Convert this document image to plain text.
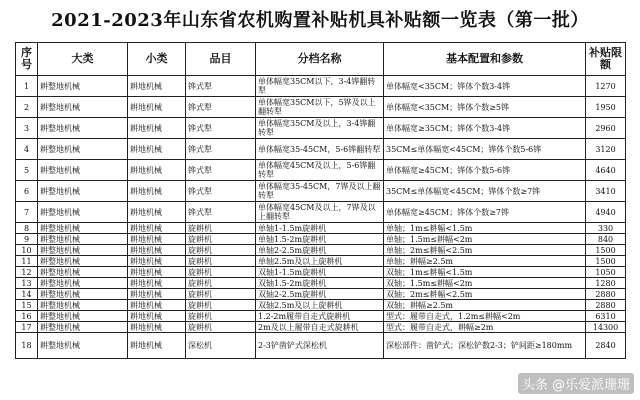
2021-2023年山东省农机购置补贴机具补贴额一览表（第一批）
序号	大类	小类	品目	分档名称	基本配置和参数	补贴限额
1	耕整地机械	耕地机械	铧式犁	单体幅宽35CM以下，3-4铧翻转犁	单体幅宽<35CM；铧体个数3-4铧	1270
2	耕整地机械	耕地机械	铧式犁	单体幅宽35CM以下，5铧及以上翻转犁	单体幅宽<35CM；铧体个数≥5铧	1950
3	耕整地机械	耕地机械	铧式犁	单体幅宽35CM及以上，3-4铧翻转犁	单体幅宽≥35CM；铧体个数3-4铧	2960
4	耕整地机械	耕地机械	铧式犁	单体幅宽35-45CM，5-6铧翻转犁	35CM≤单体幅宽<45CM；铧体个数5-6铧	3120
5	耕整地机械	耕地机械	铧式犁	单体幅宽45CM及以上，5-6铧翻转犁	单体幅宽≥45CM；铧体个数5-6铧	4640
6	耕整地机械	耕地机械	铧式犁	单体幅宽35-45CM，7铧及以上翻转犁	35CM≤单体幅宽<45CM；铧体个数≥7铧	3410
7	耕整地机械	耕地机械	铧式犁	单体幅宽45CM及以上，7铧及以上翻转犁	单体幅宽≥45CM；铧体个数≥7铧	4940
8	耕整地机械	耕地机械	旋耕机	单轴1-1.5m旋耕机	单轴；1m≤耕幅<1.5m	330
9	耕整地机械	耕地机械	旋耕机	单轴1.5-2m旋耕机	单轴；1.5m≤耕幅<2m	840
10	耕整地机械	耕地机械	旋耕机	单轴2-2.5m旋耕机	单轴；2m≤耕幅<2.5m	1500
11	耕整地机械	耕地机械	旋耕机	单轴2.5m及以上旋耕机	单轴；耕幅≥2.5m	1500
12	耕整地机械	耕地机械	旋耕机	双轴1-1.5m旋耕机	双轴；1m≤耕幅<1.5m	1050
13	耕整地机械	耕地机械	旋耕机	双轴1.5-2m旋耕机	双轴；1.5m≤耕幅<2m	1280
14	耕整地机械	耕地机械	旋耕机	双轴2-2.5m旋耕机	双轴；2m≤耕幅<2.5m	2880
15	耕整地机械	耕地机械	旋耕机	双轴2.5m及以上旋耕机	双轴；耕幅≥2.5m	2880
16	耕整地机械	耕地机械	旋耕机	1.2-2m履带自走式旋耕机	型式：履带自走式，1.2m≤耕幅<2m	6310
17	耕整地机械	耕地机械	旋耕机	2m及以上履带自走式旋耕机	型式：履带自走式，耕幅≥2m	14300
18	耕整地机械	耕地机械	深松机	2-3铲凿铲式深松机	深松部件：凿铲式；深松铲数2-3；铲间距≥180mm	2840
头条 @乐爱派珊珊
